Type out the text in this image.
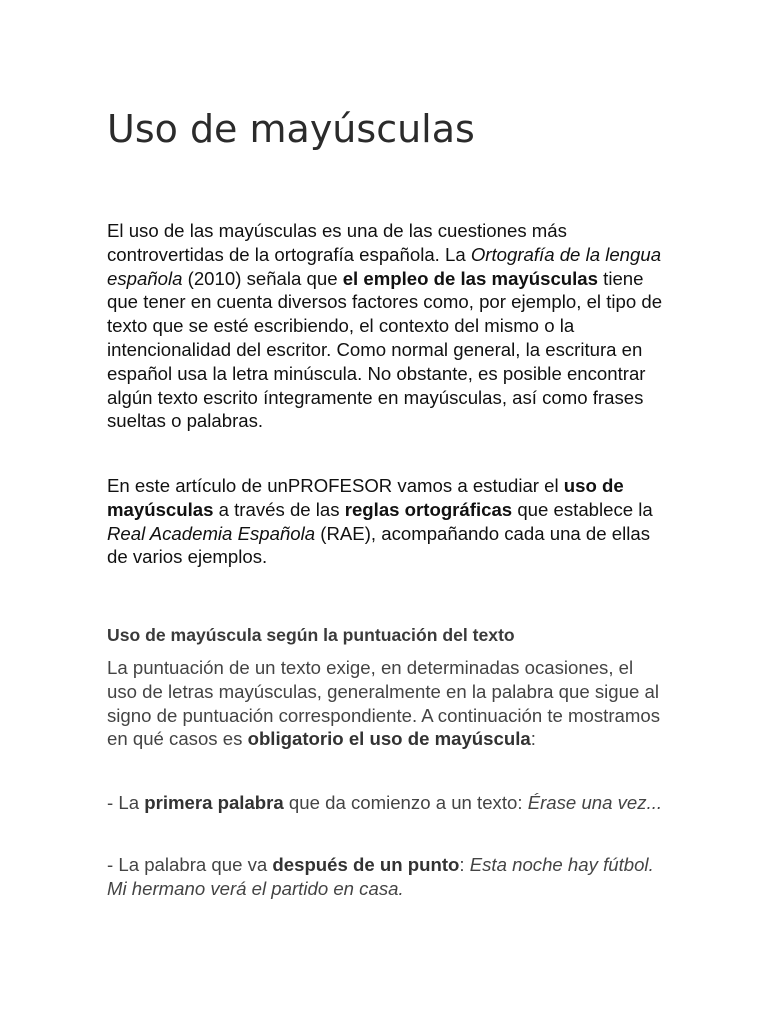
Uso de mayúsculas

El uso de las mayúsculas es una de las cuestiones más controvertidas de la ortografía española. La Ortografía de la lengua española (2010) señala que el empleo de las mayúsculas tiene que tener en cuenta diversos factores como, por ejemplo, el tipo de texto que se esté escribiendo, el contexto del mismo o la intencionalidad del escritor. Como normal general, la escritura en español usa la letra minúscula. No obstante, es posible encontrar algún texto escrito íntegramente en mayúsculas, así como frases sueltas o palabras.

En este artículo de unPROFESOR vamos a estudiar el uso de mayúsculas a través de las reglas ortográficas que establece la Real Academia Española (RAE), acompañando cada una de ellas de varios ejemplos.

Uso de mayúscula según la puntuación del texto

La puntuación de un texto exige, en determinadas ocasiones, el uso de letras mayúsculas, generalmente en la palabra que sigue al signo de puntuación correspondiente. A continuación te mostramos en qué casos es obligatorio el uso de mayúscula:

- La primera palabra que da comienzo a un texto: Érase una vez...

- La palabra que va después de un punto: Esta noche hay fútbol. Mi hermano verá el partido en casa.
